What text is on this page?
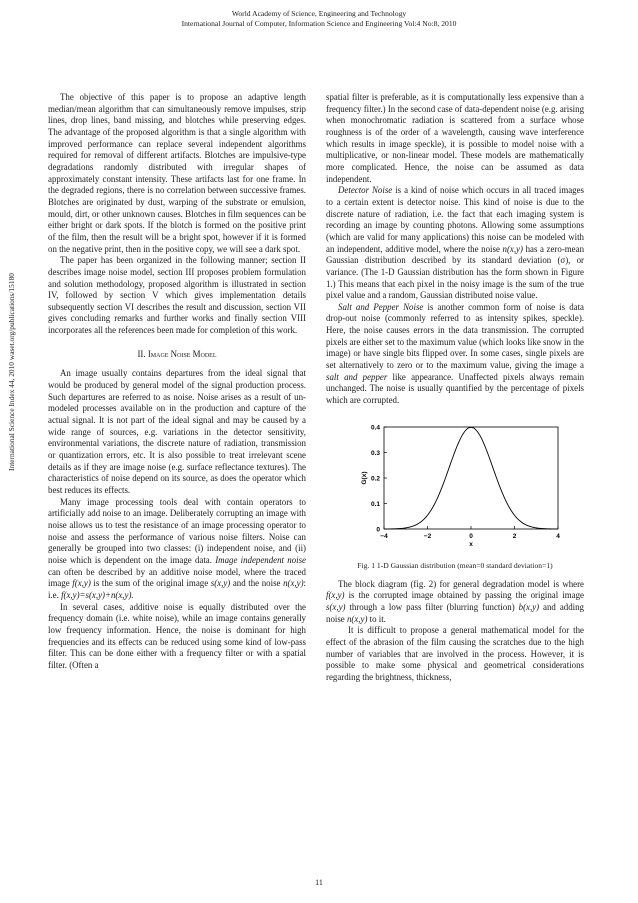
World Academy of Science, Engineering and Technology
International Journal of Computer, Information Science and Engineering Vol:4 No:8, 2010
International Science Index 44, 2010 waset.org/publications/15180

The objective of this paper is to propose an adaptive length median/mean algorithm that can simultaneously remove impulses, strip lines, drop lines, band missing, and blotches while preserving edges. The advantage of the proposed algorithm is that a single algorithm with improved performance can replace several independent algorithms required for removal of different artifacts. Blotches are impulsive-type degradations randomly distributed with irregular shapes of approximately constant intensity. These artifacts last for one frame. In the degraded regions, there is no correlation between successive frames. Blotches are originated by dust, warping of the substrate or emulsion, mould, dirt, or other unknown causes. Blotches in film sequences can be either bright or dark spots. If the blotch is formed on the positive print of the film, then the result will be a bright spot, however if it is formed on the negative print, then in the positive copy, we will see a dark spot.

The paper has been organized in the following manner; section II describes image noise model, section III proposes problem formulation and solution methodology, proposed algorithm is illustrated in section IV, followed by section V which gives implementation details subsequently section VI describes the result and discussion, section VII gives concluding remarks and further works and finally section VIII incorporates all the references been made for completion of this work.

II. Image Noise Model

An image usually contains departures from the ideal signal that would be produced by general model of the signal production process. Such departures are referred to as noise. Noise arises as a result of un-modeled processes available on in the production and capture of the actual signal. It is not part of the ideal signal and may be caused by a wide range of sources, e.g. variations in the detector sensitivity, environmental variations, the discrete nature of radiation, transmission or quantization errors, etc. It is also possible to treat irrelevant scene details as if they are image noise (e.g. surface reflectance textures). The characteristics of noise depend on its source, as does the operator which best reduces its effects.

Many image processing tools deal with contain operators to artificially add noise to an image. Deliberately corrupting an image with noise allows us to test the resistance of an image processing operator to noise and assess the performance of various noise filters. Noise can generally be grouped into two classes: (i) independent noise, and (ii) noise which is dependent on the image data. Image independent noise can often be described by an additive noise model, where the traced image f(x,y) is the sum of the original image s(x,y) and the noise n(x,y): i.e. f(x,y)=s(x,y)+n(x,y).

In several cases, additive noise is equally distributed over the frequency domain (i.e. white noise), while an image contains generally low frequency information. Hence, the noise is dominant for high frequencies and its effects can be reduced using some kind of low-pass filter. This can be done either with a frequency filter or with a spatial filter. (Often a

spatial filter is preferable, as it is computationally less expensive than a frequency filter.) In the second case of data-dependent noise (e.g. arising when monochromatic radiation is scattered from a surface whose roughness is of the order of a wavelength, causing wave interference which results in image speckle), it is possible to model noise with a multiplicative, or non-linear model. These models are mathematically more complicated. Hence, the noise can be assumed as data independent.

Detector Noise is a kind of noise which occurs in all traced images to a certain extent is detector noise. This kind of noise is due to the discrete nature of radiation, i.e. the fact that each imaging system is recording an image by counting photons. Allowing some assumptions (which are valid for many applications) this noise can be modeled with an independent, additive model, where the noise n(x,y) has a zero-mean Gaussian distribution described by its standard deviation (σ), or variance. (The 1-D Gaussian distribution has the form shown in Figure 1.) This means that each pixel in the noisy image is the sum of the true pixel value and a random, Gaussian distributed noise value.

Salt and Pepper Noise is another common form of noise is data drop-out noise (commonly referred to as intensity spikes, speckle). Here, the noise causes errors in the data transmission. The corrupted pixels are either set to the maximum value (which looks like snow in the image) or have single bits flipped over. In some cases, single pixels are set alternatively to zero or to the maximum value, giving the image a salt and pepper like appearance. Unaffected pixels always remain unchanged. The noise is usually quantified by the percentage of pixels which are corrupted.

−4	−2	0	2	4
0
0.1
0.2
0.3
0.4
x
G(x)
Fig. 1 1-D Gaussian distribution (mean=0 standard deviation=1)

The block diagram (fig. 2) for general degradation model is where f(x,y) is the corrupted image obtained by passing the original image s(x,y) through a low pass filter (blurring function) b(x,y) and adding noise n(x,y) to it.

It is difficult to propose a general mathematical model for the effect of the abrasion of the film causing the scratches due to the high number of variables that are involved in the process. However, it is possible to make some physical and geometrical considerations regarding the brightness, thickness,

11
